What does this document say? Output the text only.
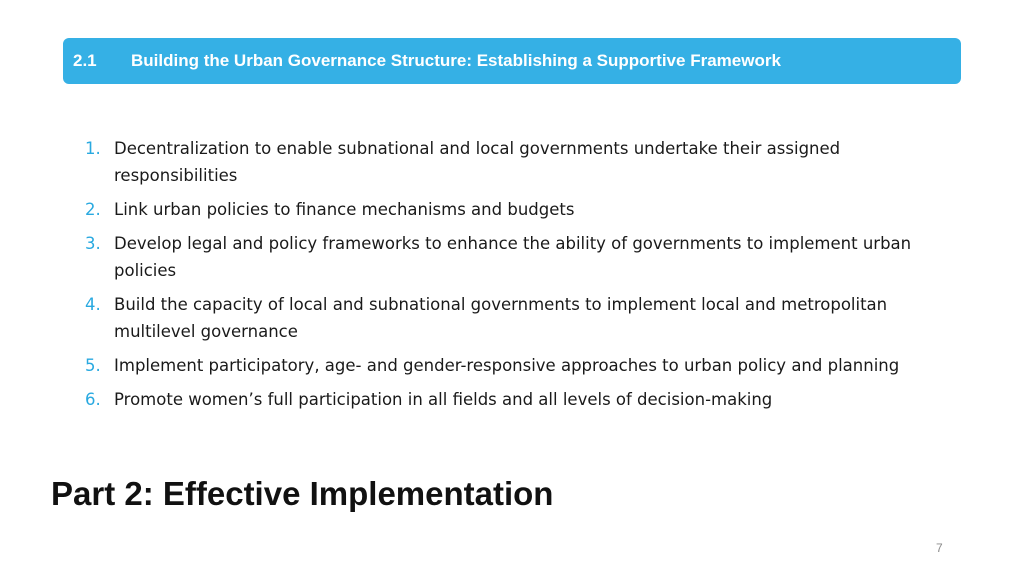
2.1 Building the Urban Governance Structure: Establishing a Supportive Framework
1. Decentralization to enable subnational and local governments undertake their assigned responsibilities
2. Link urban policies to finance mechanisms and budgets
3. Develop legal and policy frameworks to enhance the ability of governments to implement urban policies
4. Build the capacity of local and subnational governments to implement local and metropolitan multilevel governance
5. Implement participatory, age- and gender-responsive approaches to urban policy and planning
6. Promote women’s full participation in all fields and all levels of decision-making
Part 2: Effective Implementation
7
